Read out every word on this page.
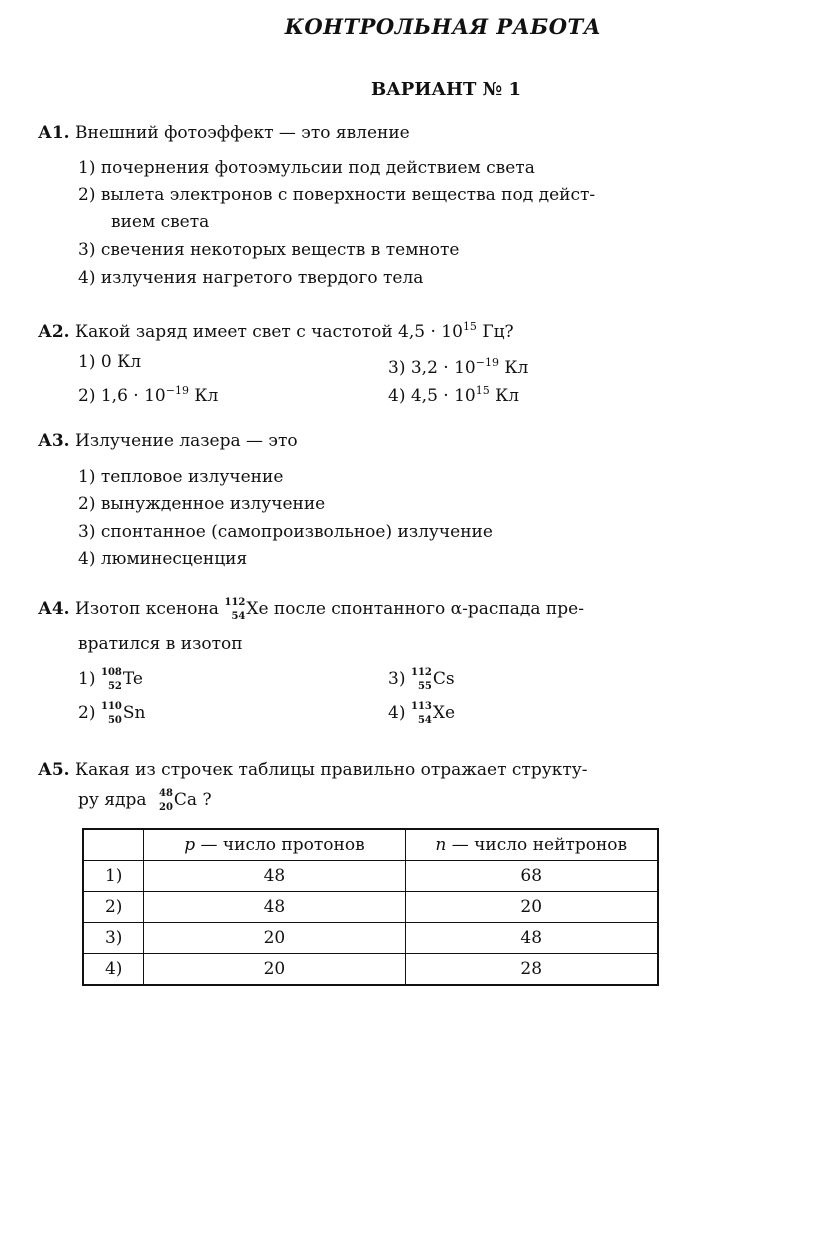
КОНТРОЛЬНАЯ РАБОТА
ВАРИАНТ № 1
А1. Внешний фотоэффект — это явление
1) почернения фотоэмульсии под действием света
2) вылета электронов с поверхности вещества под дейст-
вием света
3) свечения некоторых веществ в темноте
4) излучения нагретого твердого тела
А2. Какой заряд имеет свет с частотой $4,5 \cdot 10^{15}$ Гц?
1) 0 Кл
2) $1,6 \cdot 10^{-19}$ Кл
3) $3,2 \cdot 10^{-19}$ Кл
4) $4,5 \cdot 10^{15}$ Кл
А3. Излучение лазера — это
1) тепловое излучение
2) вынужденное излучение
3) спонтанное (самопроизвольное) излучение
4) люминесценция
А4. Изотоп ксенона 112
54 Xe после спонтанного α-распада пре-
вратился в изотоп
1) 108
52 Te
2) 110
50 Sn
3) 112
55 Cs
4) 113
54 Xe
А5. Какая из строчек таблицы правильно отражает структу-
ру ядра 48
20 Ca ?
	p — число протонов	n — число нейтронов
1)	48	68
2)	48	20
3)	20	48
4)	20	28
